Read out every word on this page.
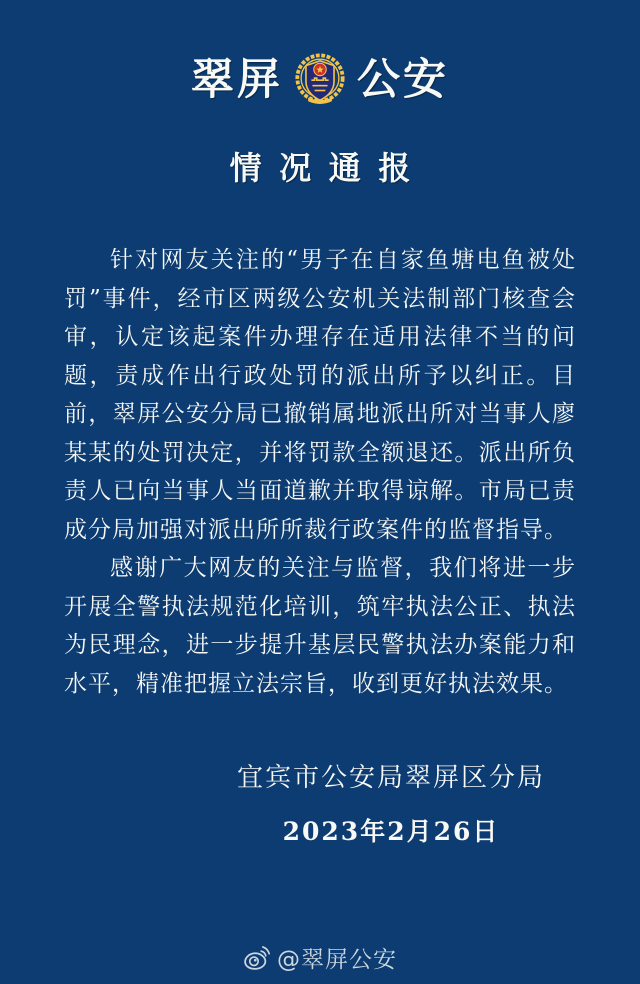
翠屏 公安
情况通报

针对网友关注的“男子在自家鱼塘电鱼被处罚”事件，经市区两级公安机关法制部门核查会审，认定该起案件办理存在适用法律不当的问题，责成作出行政处罚的派出所予以纠正。目前，翠屏公安分局已撤销属地派出所对当事人廖某某的处罚决定，并将罚款全额退还。派出所负责人已向当事人当面道歉并取得谅解。市局已责成分局加强对派出所所裁行政案件的监督指导。

感谢广大网友的关注与监督，我们将进一步开展全警执法规范化培训，筑牢执法公正、执法为民理念，进一步提升基层民警执法办案能力和水平，精准把握立法宗旨，收到更好执法效果。

宜宾市公安局翠屏区分局
2023年2月26日
@翠屏公安
